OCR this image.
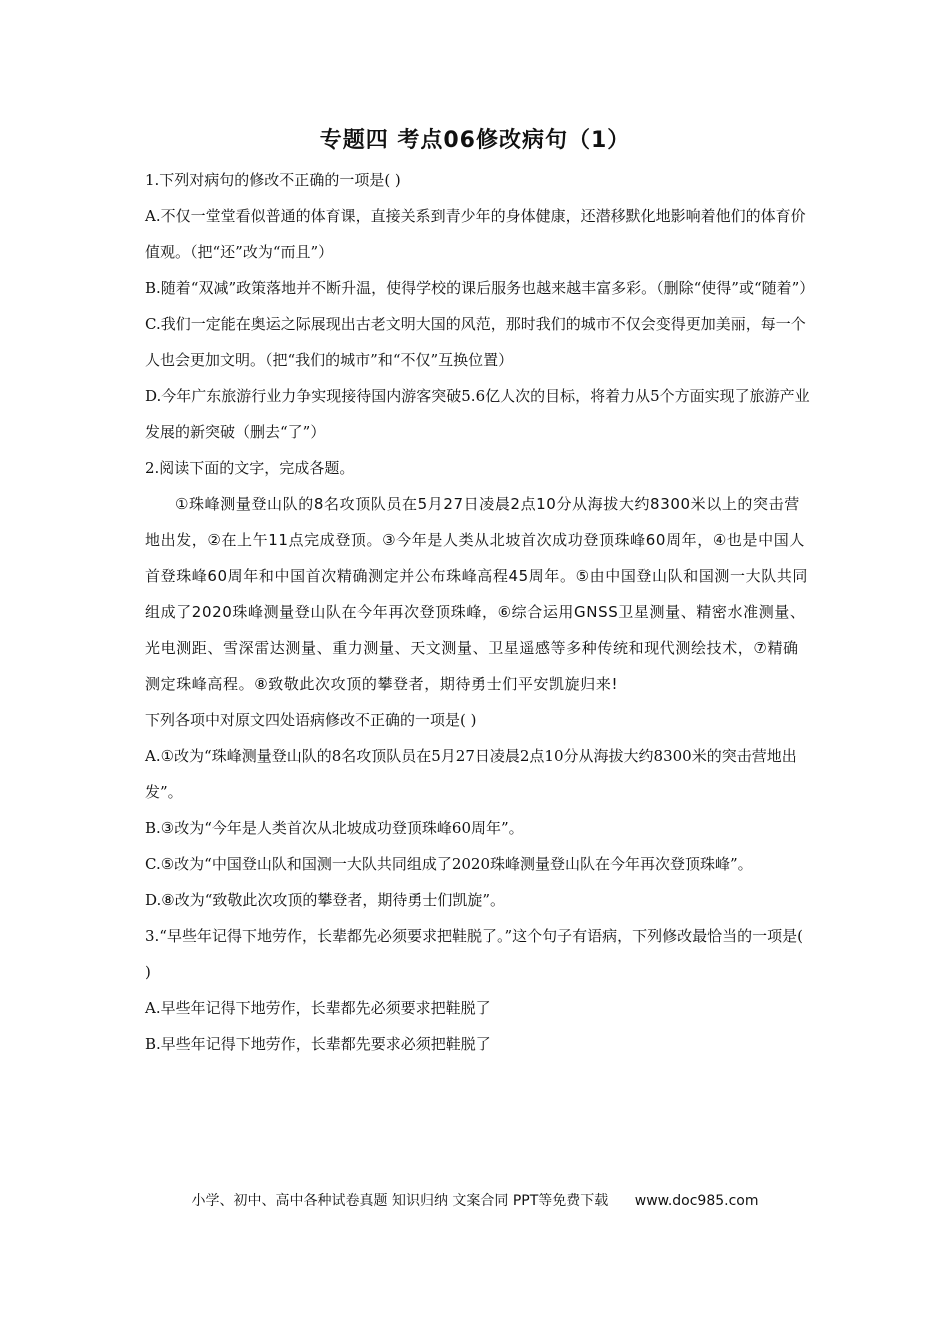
专题四 考点06修改病句（1）

1.下列对病句的修改不正确的一项是( )

A.不仅一堂堂看似普通的体育课，直接关系到青少年的身体健康，还潜移默化地影响着他们的体育价值观。（把“还”改为“而且”）

B.随着“双减”政策落地并不断升温，使得学校的课后服务也越来越丰富多彩。（删除“使得”或“随着”）

C.我们一定能在奥运之际展现出古老文明大国的风范，那时我们的城市不仅会变得更加美丽，每一个人也会更加文明。（把“我们的城市”和“不仅”互换位置）

D.今年广东旅游行业力争实现接待国内游客突破5.6亿人次的目标，将着力从5个方面实现了旅游产业发展的新突破（删去“了”）

2.阅读下面的文字，完成各题。

①珠峰测量登山队的8名攻顶队员在5月27日凌晨2点10分从海拔大约8300米以上的突击营地出发，②在上午11点完成登顶。③今年是人类从北坡首次成功登顶珠峰60周年，④也是中国人首登珠峰60周年和中国首次精确测定并公布珠峰高程45周年。⑤由中国登山队和国测一大队共同组成了2020珠峰测量登山队在今年再次登顶珠峰，⑥综合运用GNSS卫星测量、精密水准测量、光电测距、雪深雷达测量、重力测量、天文测量、卫星遥感等多种传统和现代测绘技术，⑦精确测定珠峰高程。⑧致敬此次攻顶的攀登者，期待勇士们平安凯旋归来!

下列各项中对原文四处语病修改不正确的一项是( )

A.①改为“珠峰测量登山队的8名攻顶队员在5月27日凌晨2点10分从海拔大约8300米的突击营地出发”。

B.③改为“今年是人类首次从北坡成功登顶珠峰60周年”。

C.⑤改为“中国登山队和国测一大队共同组成了2020珠峰测量登山队在今年再次登顶珠峰”。

D.⑧改为“致敬此次攻顶的攀登者，期待勇士们凯旋”。

3.“早些年记得下地劳作，长辈都先必须要求把鞋脱了。”这个句子有语病，下列修改最恰当的一项是( )

A.早些年记得下地劳作，长辈都先必须要求把鞋脱了

B.早些年记得下地劳作，长辈都先要求必须把鞋脱了

小学、初中、高中各种试卷真题 知识归纳 文案合同 PPT等免费下载 www.doc985.com
